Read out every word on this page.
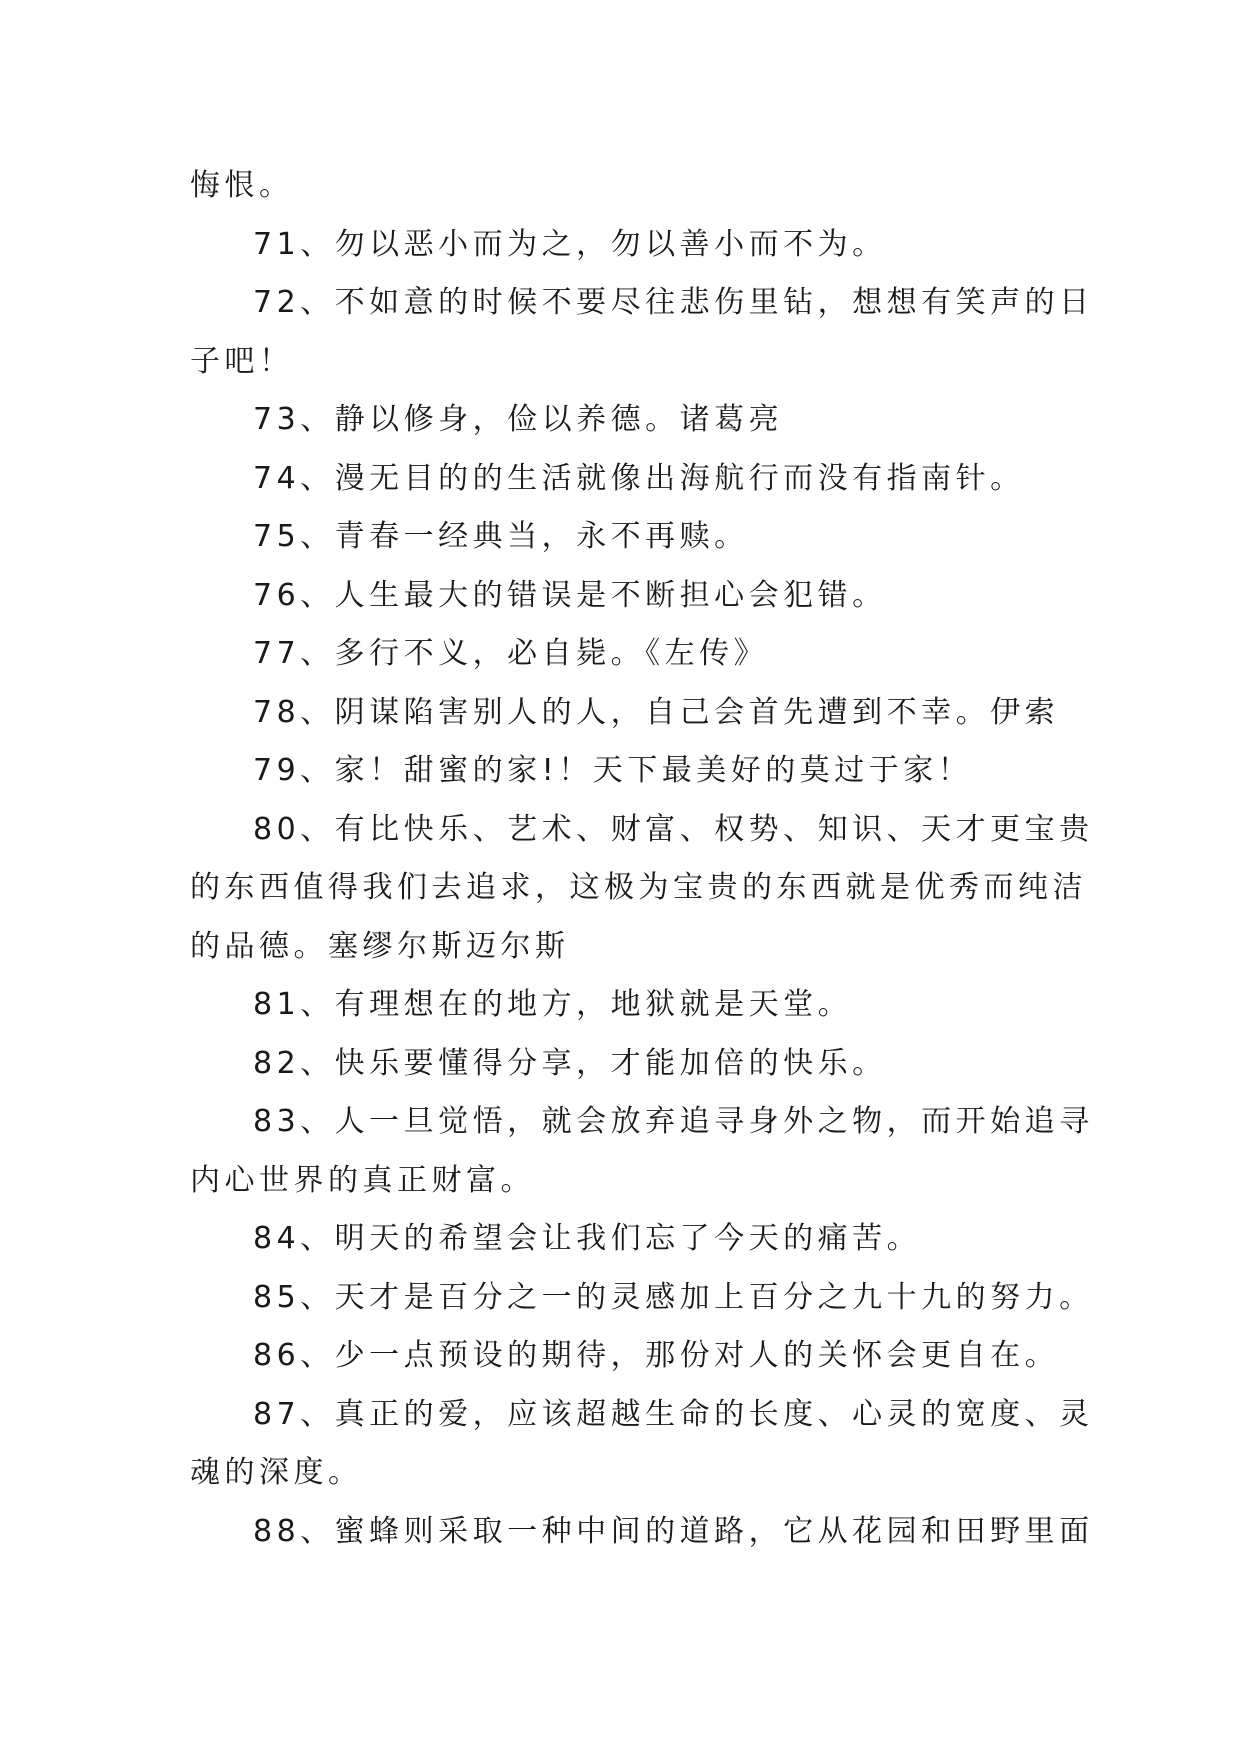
悔恨。

71、勿以恶小而为之，勿以善小而不为。

72、不如意的时候不要尽往悲伤里钻，想想有笑声的日
子吧！

73、静以修身，俭以养德。诸葛亮

74、漫无目的的生活就像出海航行而没有指南针。

75、青春一经典当，永不再赎。

76、人生最大的错误是不断担心会犯错。

77、多行不义，必自毙。《左传》

78、阴谋陷害别人的人，自己会首先遭到不幸。伊索

79、家！甜蜜的家!！天下最美好的莫过于家！

80、有比快乐、艺术、财富、权势、知识、天才更宝贵
的东西值得我们去追求，这极为宝贵的东西就是优秀而纯洁
的品德。塞缪尔斯迈尔斯

81、有理想在的地方，地狱就是天堂。

82、快乐要懂得分享，才能加倍的快乐。

83、人一旦觉悟，就会放弃追寻身外之物，而开始追寻
内心世界的真正财富。

84、明天的希望会让我们忘了今天的痛苦。

85、天才是百分之一的灵感加上百分之九十九的努力。

86、少一点预设的期待，那份对人的关怀会更自在。

87、真正的爱，应该超越生命的长度、心灵的宽度、灵
魂的深度。

88、蜜蜂则采取一种中间的道路，它从花园和田野里面
